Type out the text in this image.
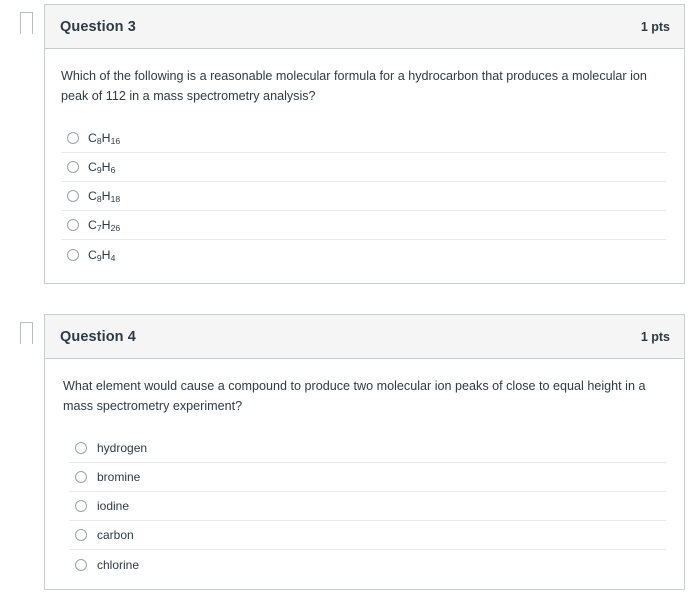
Question 3	1 pts

Which of the following is a reasonable molecular formula for a hydrocarbon that produces a molecular ion peak of 112 in a mass spectrometry analysis?

$C_8H_{16}$
$C_9H_6$
$C_8H_{18}$
$C_7H_{26}$
$C_9H_4$
Question 4	1 pts

What element would cause a compound to produce two molecular ion peaks of close to equal height in a mass spectrometry experiment?

hydrogen
bromine
iodine
carbon
chlorine
